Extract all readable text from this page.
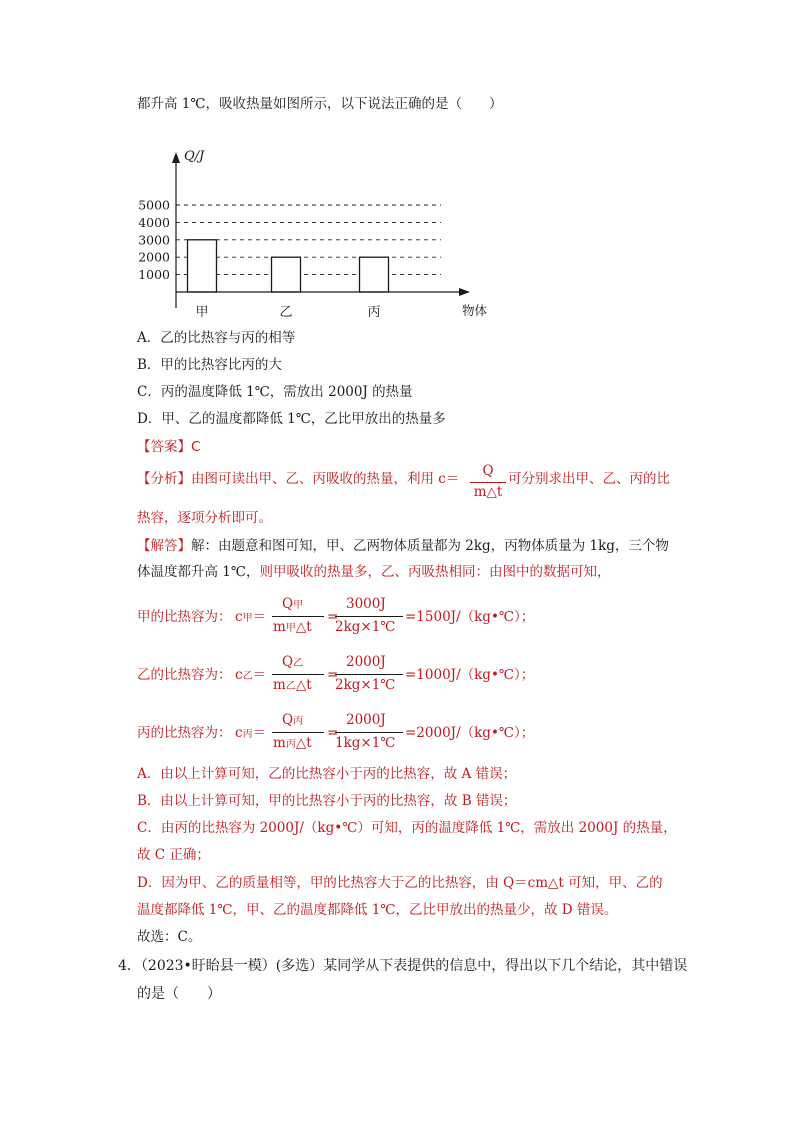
都升高 1℃，吸收热量如图所示，以下说法正确的是（　　）
1000
2000
3000
4000
5000
甲	乙	丙
Q/J
物体
A．乙的比热容与丙的相等
B．甲的比热容比丙的大
C．丙的温度降低 1℃，需放出 2000J 的热量
D．甲、乙的温度都降低 1℃，乙比甲放出的热量多
【答案】C
【分析】由图可读出甲、乙、丙吸收的热量，利用 c＝	Q
m△t
可分别求出甲、乙、丙的比
热容，逐项分析即可。
【解答】解：由题意和图可知，甲、乙两物体质量都为 2kg，丙物体质量为 1kg，三个物
体温度都升高 1℃，则甲吸收的热量多，乙、丙吸热相同：由图中的数据可知，
甲的比热容为： c甲＝
Q甲
m甲△t
=
3000J
2kg×1℃
=1500J/（kg•℃）；
乙的比热容为： c乙＝
Q乙
m乙△t
=
2000J
2kg×1℃
=1000J/（kg•℃）；
丙的比热容为： c丙＝
Q丙
m丙△t
=
2000J
1kg×1℃
=2000J/（kg•℃）；
A．由以上计算可知，乙的比热容小于丙的比热容，故 A 错误；
B．由以上计算可知，甲的比热容小于丙的比热容，故 B 错误；
C．由丙的比热容为 2000J/（kg•℃）可知，丙的温度降低 1℃，需放出 2000J 的热量，
故 C 正确；
D．因为甲、乙的质量相等，甲的比热容大于乙的比热容，由 Q＝cm△t 可知，甲、乙的
温度都降低 1℃，甲、乙的温度都降低 1℃，乙比甲放出的热量少，故 D 错误。
故选：C。
4．（2023•盱眙县一模）(多选）某同学从下表提供的信息中，得出以下几个结论，其中错误
的是（　　）
